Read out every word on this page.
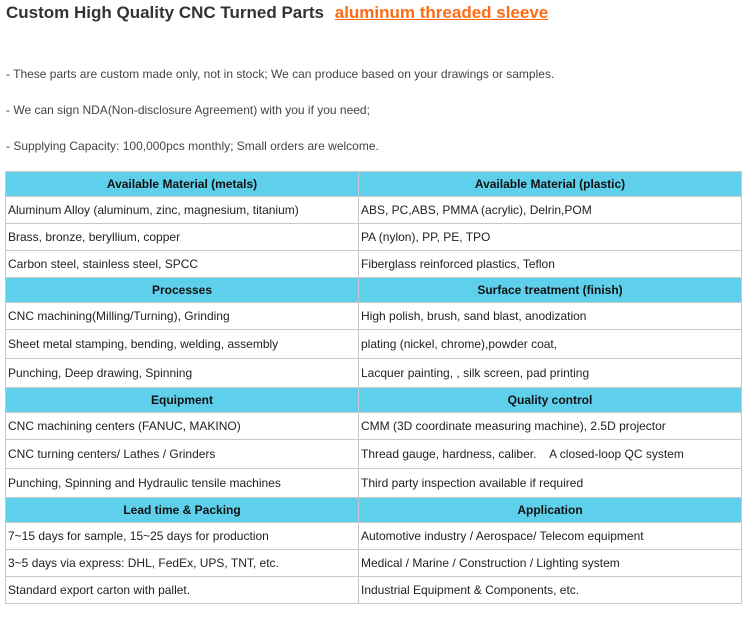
Custom High Quality CNC Turned Parts aluminum threaded sleeve
- These parts are custom made only, not in stock; We can produce based on your drawings or samples.
- We can sign NDA(Non-disclosure Agreement) with you if you need;
- Supplying Capacity: 100,000pcs monthly; Small orders are welcome.
Available Material (metals)	Available Material (plastic)
Aluminum Alloy (aluminum, zinc, magnesium, titanium)	ABS, PC,ABS, PMMA (acrylic), Delrin,POM
Brass, bronze, beryllium, copper	PA (nylon), PP, PE, TPO
Carbon steel, stainless steel, SPCC	Fiberglass reinforced plastics, Teflon
Processes	Surface treatment (finish)
CNC machining(Milling/Turning), Grinding	High polish, brush, sand blast, anodization
Sheet metal stamping, bending, welding, assembly	plating (nickel, chrome),powder coat,
Punching, Deep drawing, Spinning	Lacquer painting, , silk screen, pad printing
Equipment	Quality control
CNC machining centers (FANUC, MAKINO)	CMM (3D coordinate measuring machine), 2.5D projector
CNC turning centers/ Lathes / Grinders	Thread gauge, hardness, caliber.    A closed-loop QC system
Punching, Spinning and Hydraulic tensile machines	Third party inspection available if required
Lead time & Packing	Application
7~15 days for sample, 15~25 days for production	Automotive industry / Aerospace/ Telecom equipment
3~5 days via express: DHL, FedEx, UPS, TNT, etc.	Medical / Marine / Construction / Lighting system
Standard export carton with pallet.	Industrial Equipment & Components, etc.
